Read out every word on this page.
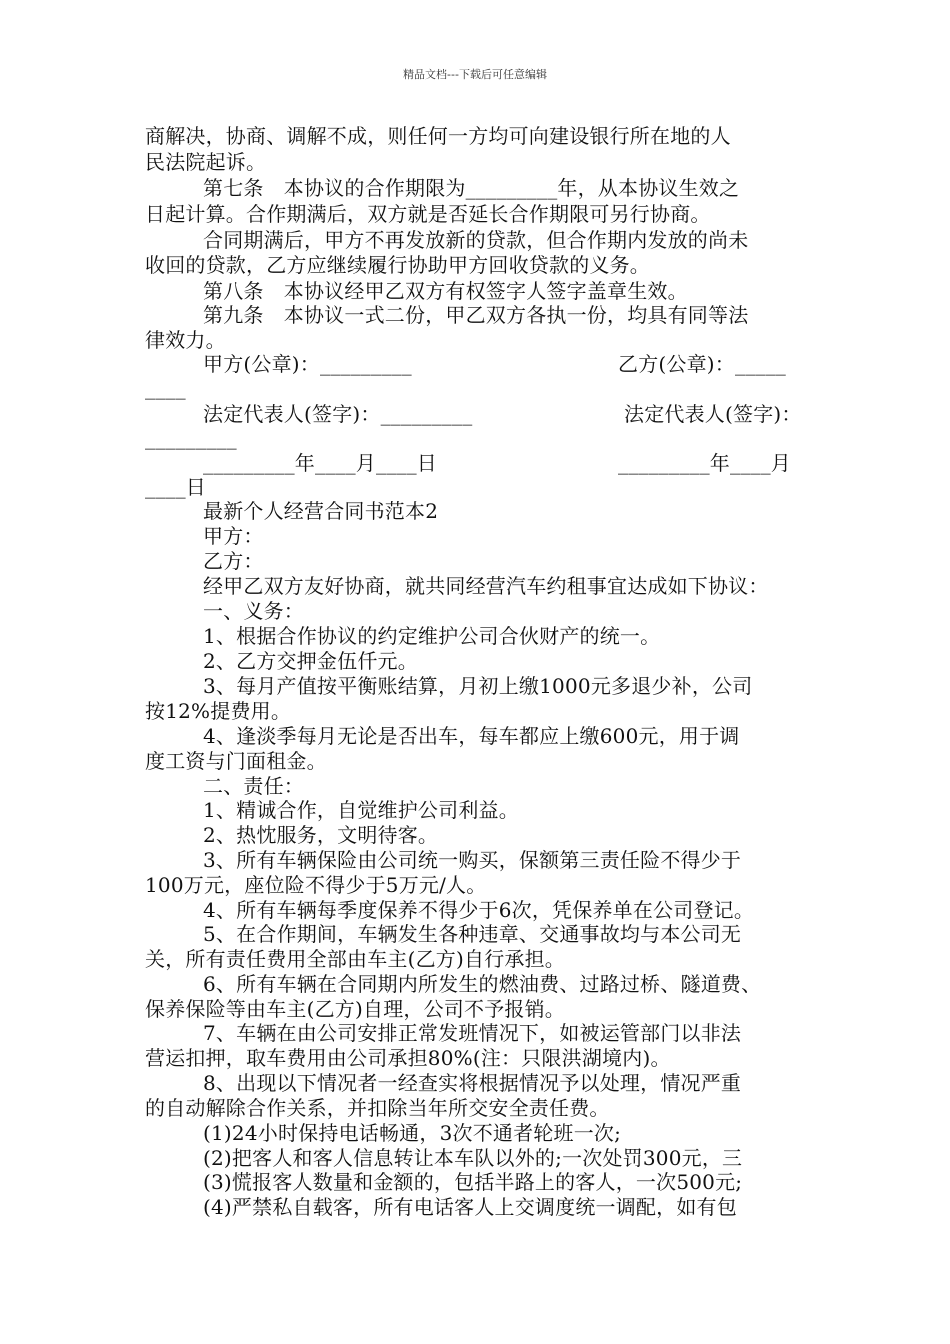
精品文档---下载后可任意编辑
商解决，协商、调解不成，则任何一方均可向建设银行所在地的人
民法院起诉。
第七条　本协议的合作期限为_________年，从本协议生效之
日起计算。合作期满后，双方就是否延长合作期限可另行协商。
合同期满后，甲方不再发放新的贷款，但合作期内发放的尚未
收回的贷款，乙方应继续履行协助甲方回收贷款的义务。
第八条　本协议经甲乙双方有权签字人签字盖章生效。
第九条　本协议一式二份，甲乙双方各执一份，均具有同等法
律效力。
甲方(公章)：_________	乙方(公章)：_____
____
法定代表人(签字)：_________	法定代表人(签字)：
_________
_________年____月____日	_________年____月
____日
最新个人经营合同书范本2
甲方：
乙方：
经甲乙双方友好协商，就共同经营汽车约租事宜达成如下协议：
一、义务：
1、根据合作协议的约定维护公司合伙财产的统一。
2、乙方交押金伍仟元。
3、每月产值按平衡账结算，月初上缴1000元多退少补，公司
按12%提费用。
4、逢淡季每月无论是否出车，每车都应上缴600元，用于调
度工资与门面租金。
二、责任：
1、精诚合作，自觉维护公司利益。
2、热忱服务，文明待客。
3、所有车辆保险由公司统一购买，保额第三责任险不得少于
100万元，座位险不得少于5万元/人。
4、所有车辆每季度保养不得少于6次，凭保养单在公司登记。
5、在合作期间，车辆发生各种违章、交通事故均与本公司无
关，所有责任费用全部由车主(乙方)自行承担。
6、所有车辆在合同期内所发生的燃油费、过路过桥、隧道费、
保养保险等由车主(乙方)自理，公司不予报销。
7、车辆在由公司安排正常发班情况下，如被运管部门以非法
营运扣押，取车费用由公司承担80%(注：只限洪湖境内)。
8、出现以下情况者一经查实将根据情况予以处理，情况严重
的自动解除合作关系，并扣除当年所交安全责任费。
(1)24小时保持电话畅通，3次不通者轮班一次;
(2)把客人和客人信息转让本车队以外的;一次处罚300元，三
(3)慌报客人数量和金额的，包括半路上的客人，一次500元;
(4)严禁私自载客，所有电话客人上交调度统一调配，如有包
